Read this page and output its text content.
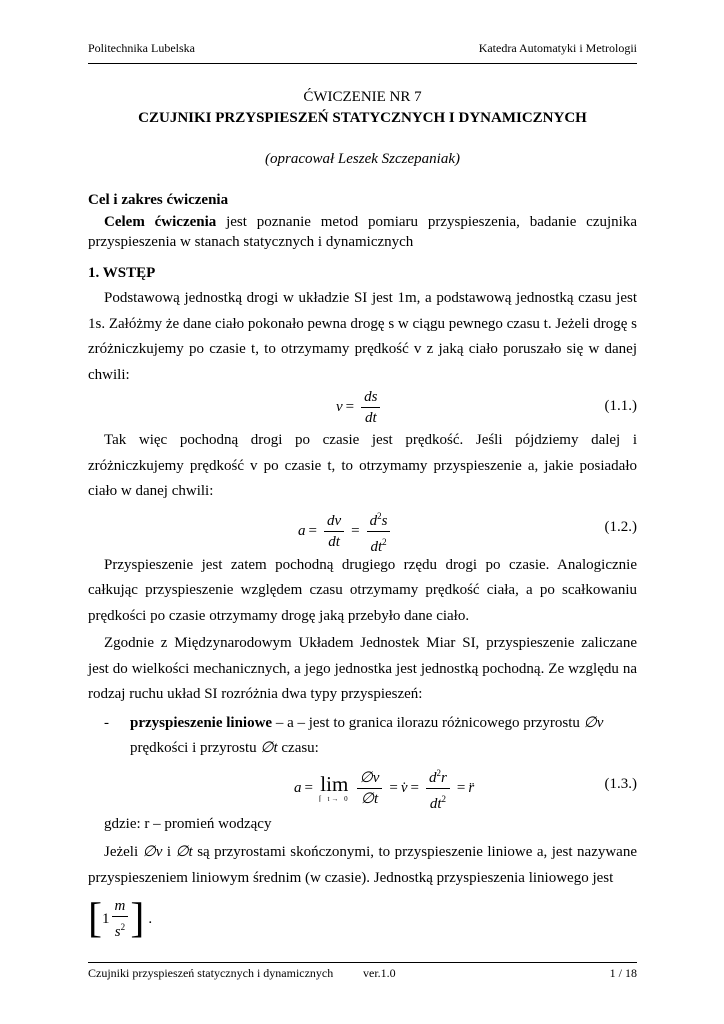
Politechnika Lubelska	Katedra Automatyki i Metrologii
ĆWICZENIE NR 7
CZUJNIKI PRZYSPIESZEŃ STATYCZNYCH I DYNAMICZNYCH
(opracował Leszek Szczepaniak)
Cel i zakres ćwiczenia

Celem ćwiczenia jest poznanie metod pomiaru przyspieszenia, badanie czujnika przyspieszenia w stanach statycznych i dynamicznych

1. WSTĘP

Podstawową jednostką drogi w układzie SI jest 1m, a podstawową jednostką czasu jest 1s. Załóżmy że dane ciało pokonało pewna drogę s w ciągu pewnego czasu t. Jeżeli drogę s zróżniczkujemy po czasie t, to otrzymamy prędkość v z jaką ciało poruszało się w danej chwili:

$v = \frac{ds}{dt}$	(1.1.)

Tak więc pochodną drogi po czasie jest prędkość. Jeśli pójdziemy dalej i zróżniczkujemy prędkość v po czasie t, to otrzymamy przyspieszenie a, jakie posiadało ciało w danej chwili:

$a = \frac{dv}{dt} = \frac{d^2s}{dt^2}$	(1.2.)

Przyspieszenie jest zatem pochodną drugiego rzędu drogi po czasie. Analogicznie całkując przyspieszenie względem czasu otrzymamy prędkość ciała, a po scałkowaniu prędkości po czasie otrzymamy drogę jaką przebyło dane ciało.

Zgodnie z Międzynarodowym Układem Jednostek Miar SI, przyspieszenie zaliczane jest do wielkości mechanicznych, a jego jednostka jest jednostką pochodną. Ze względu na rodzaj ruchu układ SI rozróżnia dwa typy przyspieszeń:

-	przyspieszenie liniowe – a – jest to granica ilorazu różnicowego przyrostu ∅v
prędkości i przyrostu ∅t czasu:
a = lim
⌈ $t\to 0 \frac{\emptyset v}{\emptyset t}$ = v̇ = $\frac{d^2r}{dt^2}$ = r̈	(1.3.)

gdzie: r – promień wodzący

Jeżeli ∅v i ∅t są przyrostami skończonymi, to przyspieszenie liniowe a, jest nazywane przyspieszeniem liniowym średnim (w czasie). Jednostką przyspieszenia liniowego jest

[ $1 \frac{m}{s^2}$ ] .
Czujniki przyspieszeń statycznych i dynamicznych ver.1.0	1 / 18
